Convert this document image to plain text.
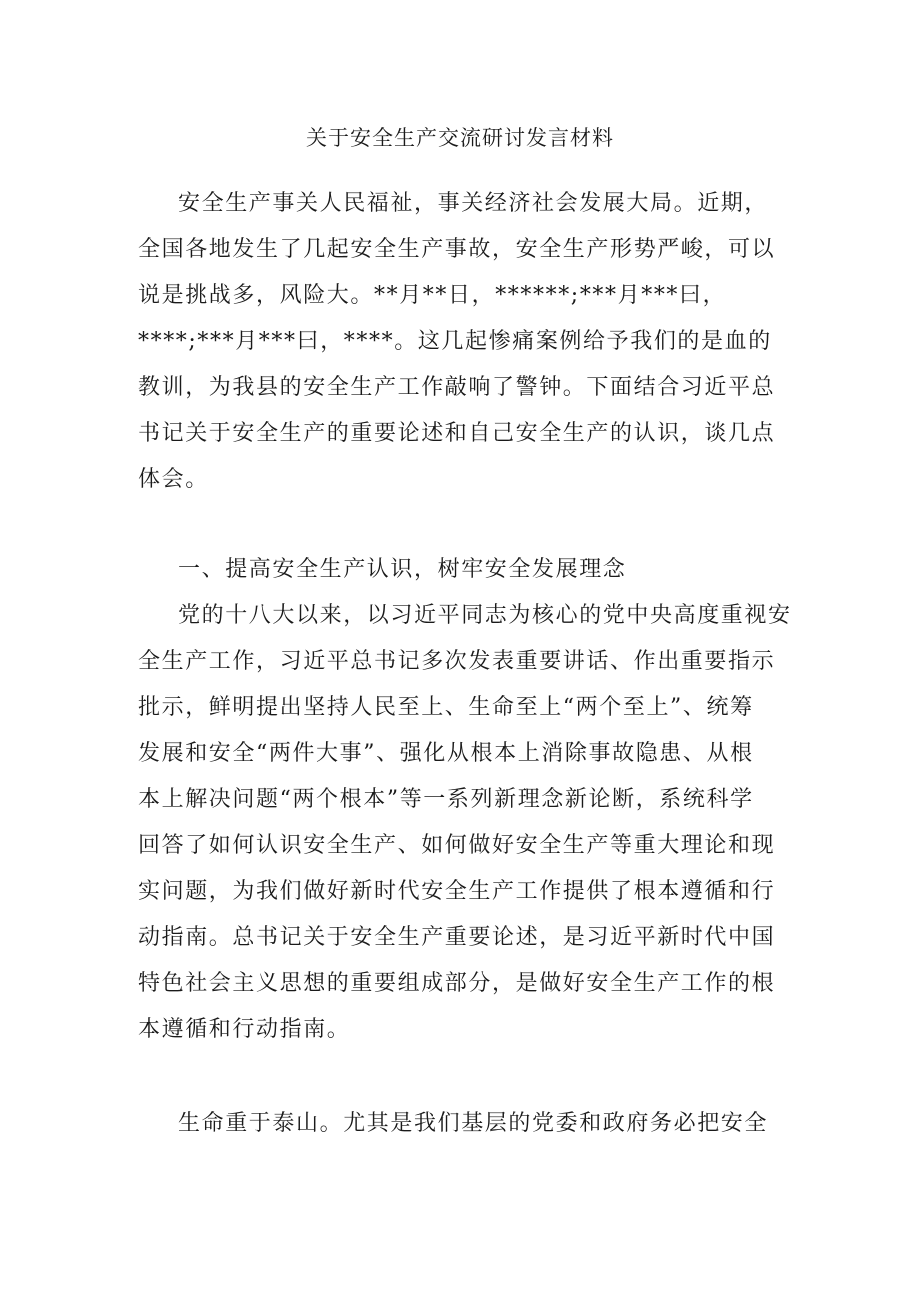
关于安全生产交流研讨发言材料
安全生产事关人民福祉，事关经济社会发展大局。近期，
全国各地发生了几起安全生产事故，安全生产形势严峻，可以
说是挑战多，风险大。**月**日，******;***月***曰，
****;***月***曰，****。这几起惨痛案例给予我们的是血的
教训，为我县的安全生产工作敲响了警钟。下面结合习近平总
书记关于安全生产的重要论述和自己安全生产的认识，谈几点
体会。
一、提高安全生产认识，树牢安全发展理念
党的十八大以来，以习近平同志为核心的党中央高度重视安
全生产工作，习近平总书记多次发表重要讲话、作出重要指示
批示，鲜明提出坚持人民至上、生命至上“两个至上”、统筹
发展和安全“两件大事”、强化从根本上消除事故隐患、从根
本上解决问题“两个根本”等一系列新理念新论断，系统科学
回答了如何认识安全生产、如何做好安全生产等重大理论和现
实问题，为我们做好新时代安全生产工作提供了根本遵循和行
动指南。总书记关于安全生产重要论述，是习近平新时代中国
特色社会主义思想的重要组成部分，是做好安全生产工作的根
本遵循和行动指南。
生命重于泰山。尤其是我们基层的党委和政府务必把安全
